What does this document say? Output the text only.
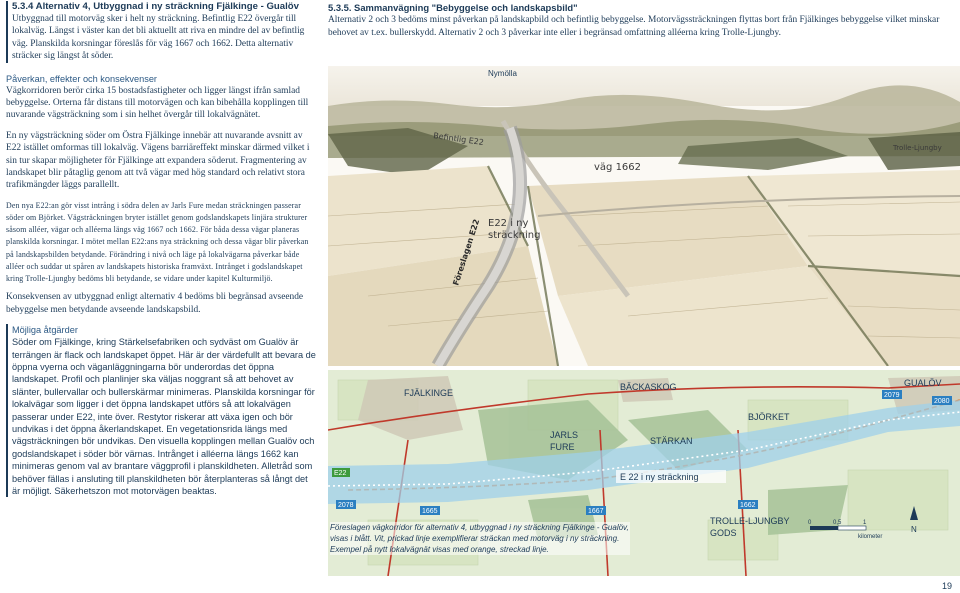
5.3.4 Alternativ 4, Utbyggnad i ny sträckning Fjälkinge - Gualöv
Utbyggnad till motorväg sker i helt ny sträckning. Befintlig E22 övergår till lokalväg. Längst i väster kan det bli aktuellt att riva en mindre del av befintlig väg. Planskilda korsningar föreslås för väg 1667 och 1662. Detta alternativ sträcker sig längst åt söder.
Påverkan, effekter och konsekvenser
Vägkorridoren berör cirka 15 bostadsfastigheter och ligger längst ifrån samlad bebyggelse. Orterna får distans till motorvägen och kan bibehålla kopplingen till nuvarande vägsträckning som i sin helhet övergår till lokalvägnätet.
En ny vägsträckning söder om Östra Fjälkinge innebär att nuvarande avsnitt av E22 istället omformas till lokalväg. Vägens barriäreffekt minskar därmed vilket i sin tur skapar möjligheter för Fjälkinge att expandera söderut. Fragmentering av landskapet blir påtaglig genom att två vägar med hög standard och relativt stora trafikmängder läggs parallellt.
Den nya E22:an gör visst intrång i södra delen av Jarls Fure medan sträckningen passerar söder om Björket. Vägsträckningen bryter istället genom godslandskapets linjära strukturer såsom alléer, vägar och alléerna längs väg 1667 och 1662. För båda dessa vägar planeras planskilda korsningar. I mötet mellan E22:ans nya sträckning och dessa vägar blir påverkan på landskapsbilden betydande. Förändring i nivå och läge på lokalvägarna påverkar både alléer och suddar ut spåren av landskapets historiska framväxt. Intrånget i godslandskapet kring Trolle-Ljungby bedöms bli betydande, se vidare under kapitel Kulturmiljö.
Konsekvensen av utbyggnad enligt alternativ 4 bedöms bli begränsad avseende bebyggelse men betydande avseende landskapsbild.
Möjliga åtgärder
Söder om Fjälkinge, kring Stärkelsefabriken och sydväst om Gualöv är terrängen är flack och landskapet öppet. Här är der värdefullt att bevara de öppna vyerna och väganläggningarna bör underordas det öppna landskapet. Profil och planlinjer ska väljas noggrant så att behovet av slänter, bullervallar och bullerskärmar minimeras. Planskilda korsningar för lokalvägar som ligger i det öppna landskapet utförs så att lokalvägen passerar under E22, inte över. Restytor riskerar att växa igen och bör undvikas i det öppna åkerlandskapet. En vegetationsrida längs med vägsträckningen bör undvikas. Den visuella kopplingen mellan Gualöv och godslandskapet i söder bör värnas. Intrånget i alléerna längs 1662 kan minimeras genom val av brantare väggprofil i planskildheten. Alletråd som behöver fällas i ansluting till planskildheten bör återplanteras så långt det är möjligt. Säkerhetszon mot motorvägen beaktas.
5.3.5. Sammanvägning "Bebyggelse och landskapsbild"
Alternativ 2 och 3 bedöms minst påverkan på landskapbild och befintlig bebyggelse. Motorvägssträckningen flyttas bort från Fjälkinges bebyggelse vilket minskar behovet av t.ex. bullerskydd. Alternativ 2 och 3 påverkar inte eller i begränsad omfattning alléerna kring Trolle-Ljungby.
Nymölla
Befintlig E22
väg 1662
Trolle-Ljungby
E22 i ny
sträckning
Föreslagen E22
FJÄLKINGE
BÄCKASKOG	GUALÖV
BJÖRKET
JARLS
FURE
STÄRKAN
TROLLE-LJUNGBY
GODS
E22
2079
2080
2078
1665	1667
1662
E 22 i ny sträckning
0	0,5	1
kilometer
N
Föreslagen vägkorridor för alternativ 4, utbyggnad i ny sträckning Fjälkinge - Gualöv, visas i blått. Vit, prickad linje exemplifierar sträckan med motorväg i ny sträckning. Exempel på nytt lokalvägnät visas med orange, streckad linje.
19
